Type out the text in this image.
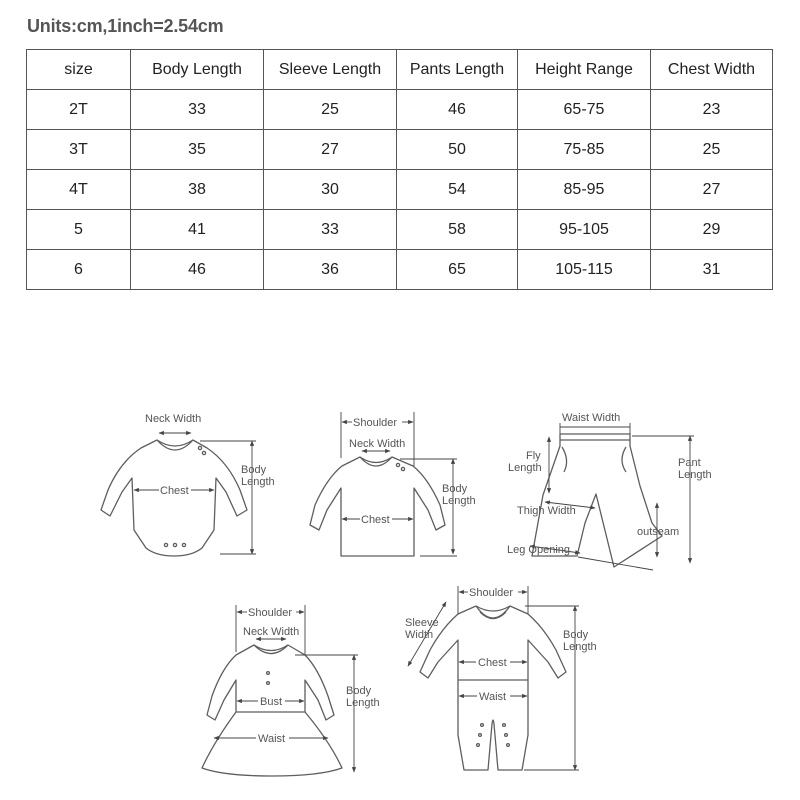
Units:cm,1inch=2.54cm
size	Body Length	Sleeve Length	Pants Length	Height Range	Chest Width
2T	33	25	46	65-75	23
3T	35	27	50	75-85	25
4T	38	30	54	85-95	27
5	41	33	58	95-105	29
6	46	36	65	105-115	31
Neck Width
Chest
Body
Length
Shoulder
Neck Width
Chest
Body
Length
Waist Width
Fly
Length	Pant
Length
Thigh Width
outseam
Leg Opening
Shoulder
Neck Width
Bust
Waist
Body
Length
Shoulder
Sleeve
Width
Chest
Waist
Body
Length
